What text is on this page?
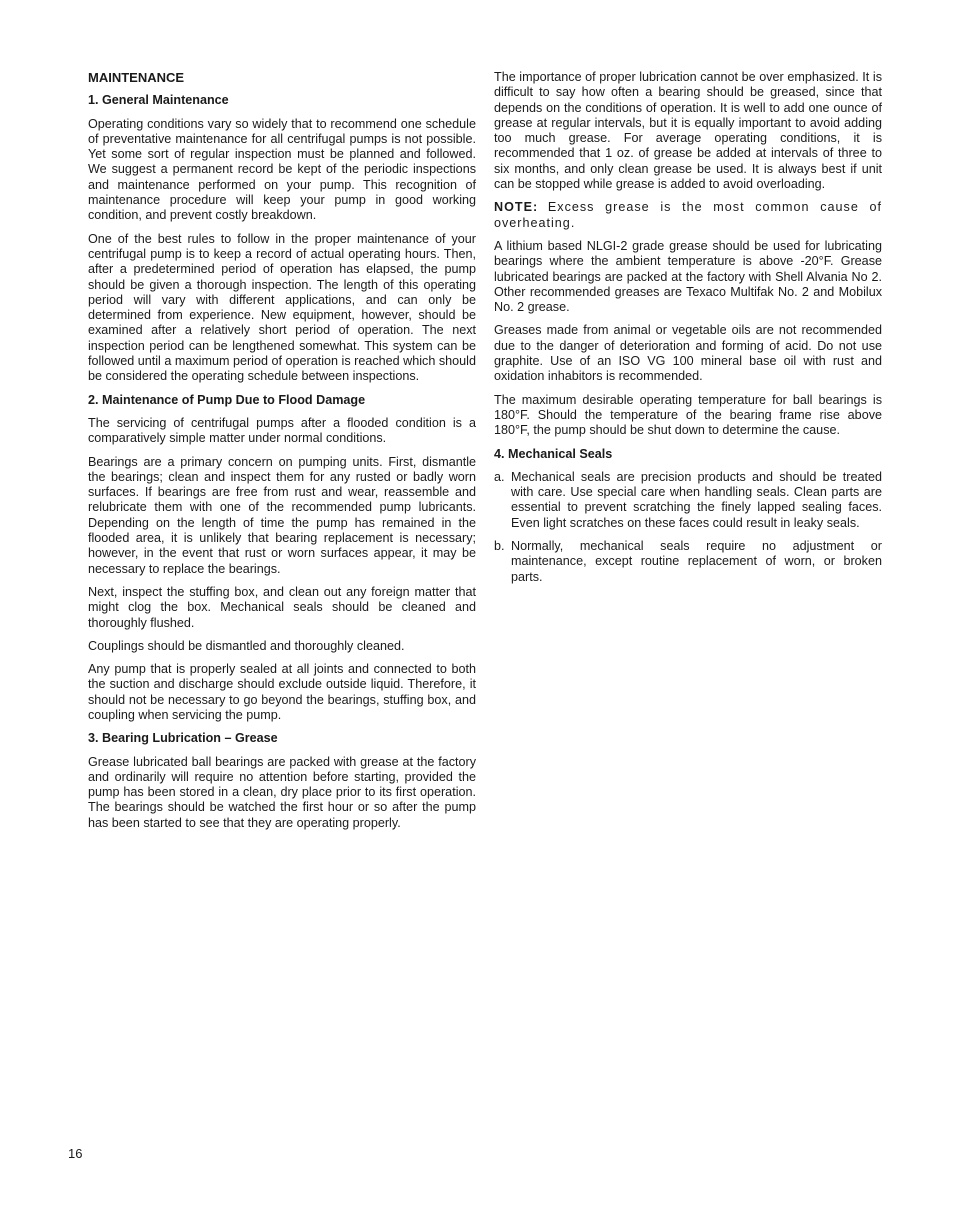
MAINTENANCE
1. General Maintenance

Operating conditions vary so widely that to recommend one schedule of preventative maintenance for all centrifugal pumps is not possible. Yet some sort of regular inspection must be planned and followed. We suggest a permanent record be kept of the periodic inspections and maintenance performed on your pump. This recognition of maintenance procedure will keep your pump in good working condition, and prevent costly breakdown.

One of the best rules to follow in the proper maintenance of your centrifugal pump is to keep a record of actual operating hours. Then, after a predetermined period of operation has elapsed, the pump should be given a thorough inspection. The length of this operating period will vary with different applications, and can only be determined from experience. New equipment, however, should be examined after a relatively short period of operation. The next inspection period can be lengthened somewhat. This system can be followed until a maximum period of operation is reached which should be considered the operating schedule between inspections.

2. Maintenance of Pump Due to Flood Damage

The servicing of centrifugal pumps after a flooded condition is a comparatively simple matter under normal conditions.

Bearings are a primary concern on pumping units. First, dismantle the bearings; clean and inspect them for any rusted or badly worn surfaces. If bearings are free from rust and wear, reassemble and relubricate them with one of the recommended pump lubricants. Depending on the length of time the pump has remained in the flooded area, it is unlikely that bearing replacement is necessary; however, in the event that rust or worn surfaces appear, it may be necessary to replace the bearings.

Next, inspect the stuffing box, and clean out any foreign matter that might clog the box. Mechanical seals should be cleaned and thoroughly flushed.

Couplings should be dismantled and thoroughly cleaned.

Any pump that is properly sealed at all joints and connected to both the suction and discharge should exclude outside liquid. Therefore, it should not be necessary to go beyond the bearings, stuffing box, and coupling when servicing the pump.

3. Bearing Lubrication – Grease

Grease lubricated ball bearings are packed with grease at the factory and ordinarily will require no attention before starting, provided the pump has been stored in a clean, dry place prior to its first operation. The bearings should be watched the first hour or so after the pump has been started to see that they are operating properly.

The importance of proper lubrication cannot be over emphasized. It is difficult to say how often a bearing should be greased, since that depends on the conditions of operation. It is well to add one ounce of grease at regular intervals, but it is equally important to avoid adding too much grease. For average operating conditions, it is recommended that 1 oz. of grease be added at intervals of three to six months, and only clean grease be used. It is always best if unit can be stopped while grease is added to avoid overloading.

NOTE: Excess grease is the most common cause of overheating.

A lithium based NLGI-2 grade grease should be used for lubricating bearings where the ambient temperature is above -20°F. Grease lubricated bearings are packed at the factory with Shell Alvania No 2. Other recommended greases are Texaco Multifak No. 2 and Mobilux No. 2 grease.

Greases made from animal or vegetable oils are not recommended due to the danger of deterioration and forming of acid. Do not use graphite. Use of an ISO VG 100 mineral base oil with rust and oxidation inhabitors is recommended.

The maximum desirable operating temperature for ball bearings is 180°F. Should the temperature of the bearing frame rise above 180°F, the pump should be shut down to determine the cause.

4. Mechanical Seals
a. Mechanical seals are precision products and should be treated with care. Use special care when handling seals. Clean parts are essential to prevent scratching the finely lapped sealing faces. Even light scratches on these faces could result in leaky seals.
b. Normally, mechanical seals require no adjustment or maintenance, except routine replacement of worn, or broken parts.
16
